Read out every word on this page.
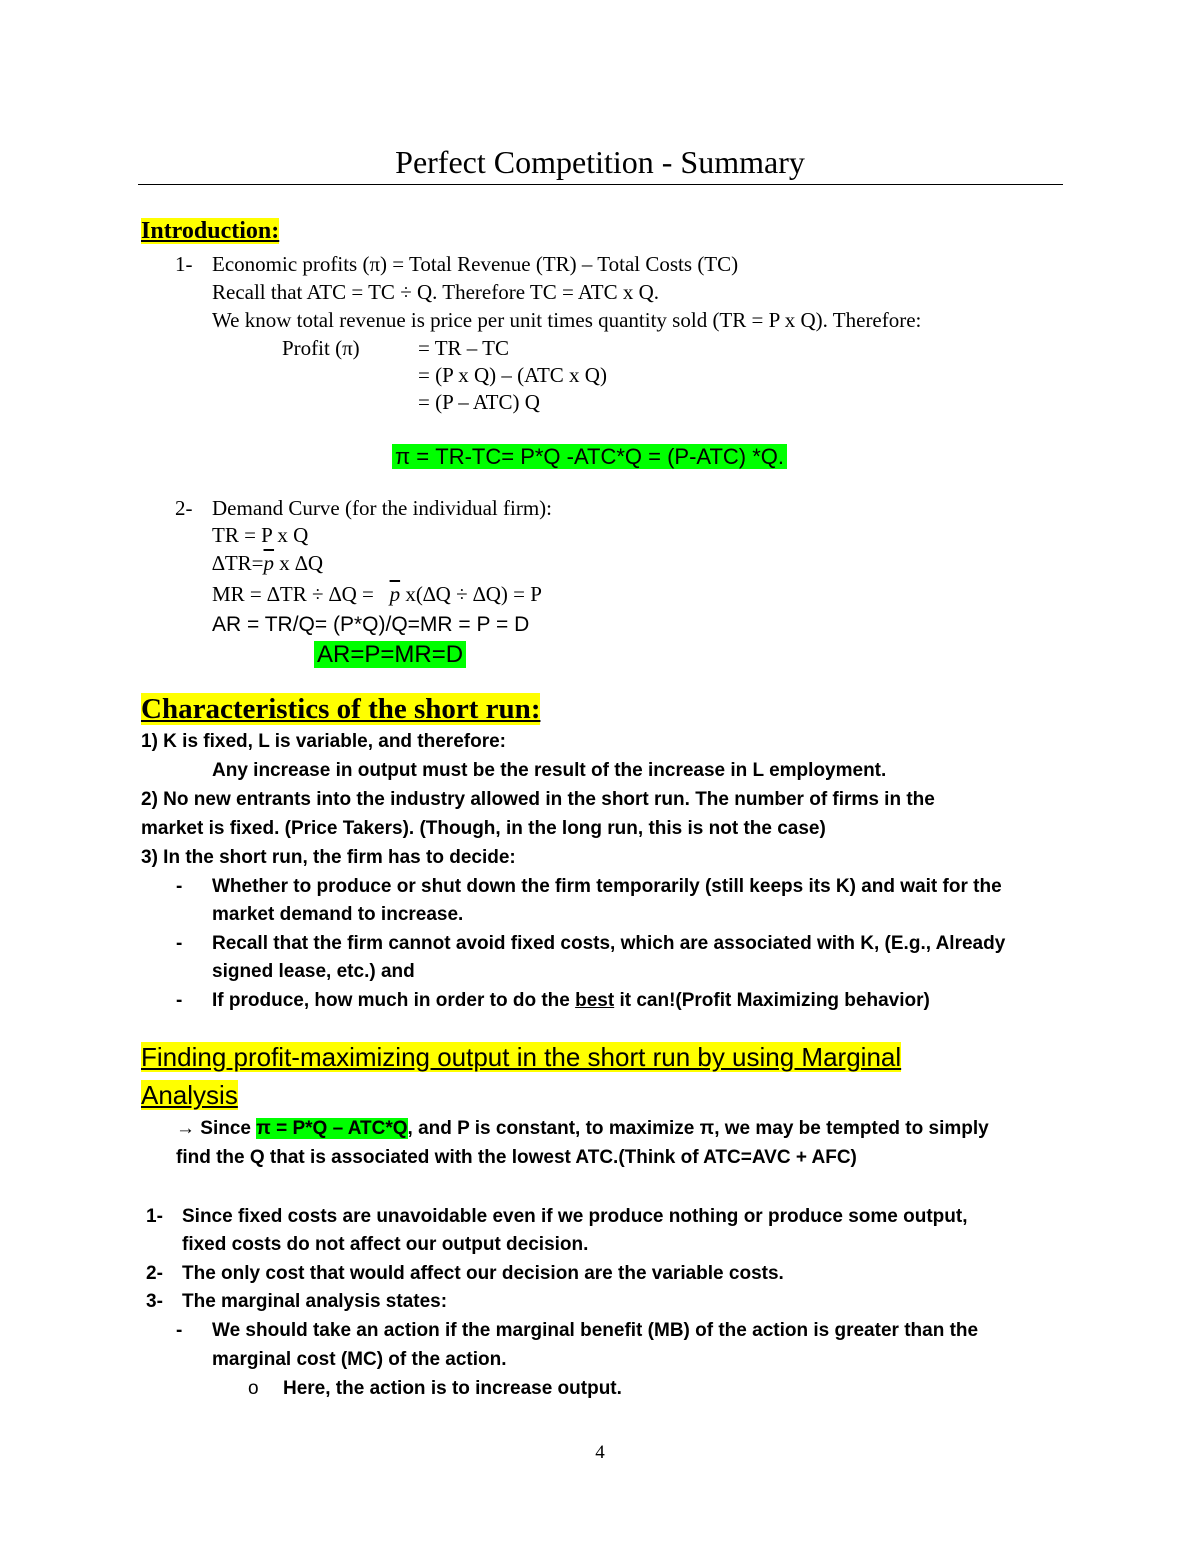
Perfect Competition - Summary
Introduction:
1- Economic profits (π) = Total Revenue (TR) – Total Costs (TC)
Recall that ATC = TC ÷ Q. Therefore TC = ATC x Q.
We know total revenue is price per unit times quantity sold (TR = P x Q). Therefore:
Profit (π)	= TR – TC
= (P x Q) – (ATC x Q)
= (P – ATC) Q
π = TR-TC= P*Q -ATC*Q = (P-ATC) *Q.
2- Demand Curve (for the individual firm):
TR = P x Q
$\Delta TR=\overline{p}$ x ∆Q
MR = $\Delta TR \div \Delta Q = \overline{p}$ x(∆Q ÷ ∆Q) = P
AR = TR/Q= (P*Q)/Q=MR = P = D
AR=P=MR=D
Characteristics of the short run:
1) K is fixed, L is variable, and therefore:
Any increase in output must be the result of the increase in L employment.
2) No new entrants into the industry allowed in the short run. The number of firms in the
market is fixed. (Price Takers). (Though, in the long run, this is not the case)
3) In the short run, the firm has to decide:
- Whether to produce or shut down the firm temporarily (still keeps its K) and wait for the
market demand to increase.
- Recall that the firm cannot avoid fixed costs, which are associated with K, (E.g., Already
signed lease, etc.) and
- If produce, how much in order to do the best it can!(Profit Maximizing behavior)
Finding profit-maximizing output in the short run by using Marginal
Analysis
→ Since π = P*Q – ATC*Q, and P is constant, to maximize π, we may be tempted to simply
find the Q that is associated with the lowest ATC.(Think of ATC=AVC + AFC)
1- Since fixed costs are unavoidable even if we produce nothing or produce some output,
fixed costs do not affect our output decision.
2- The only cost that would affect our decision are the variable costs.
3- The marginal analysis states:
- We should take an action if the marginal benefit (MB) of the action is greater than the
marginal cost (MC) of the action.
o Here, the action is to increase output.
4
